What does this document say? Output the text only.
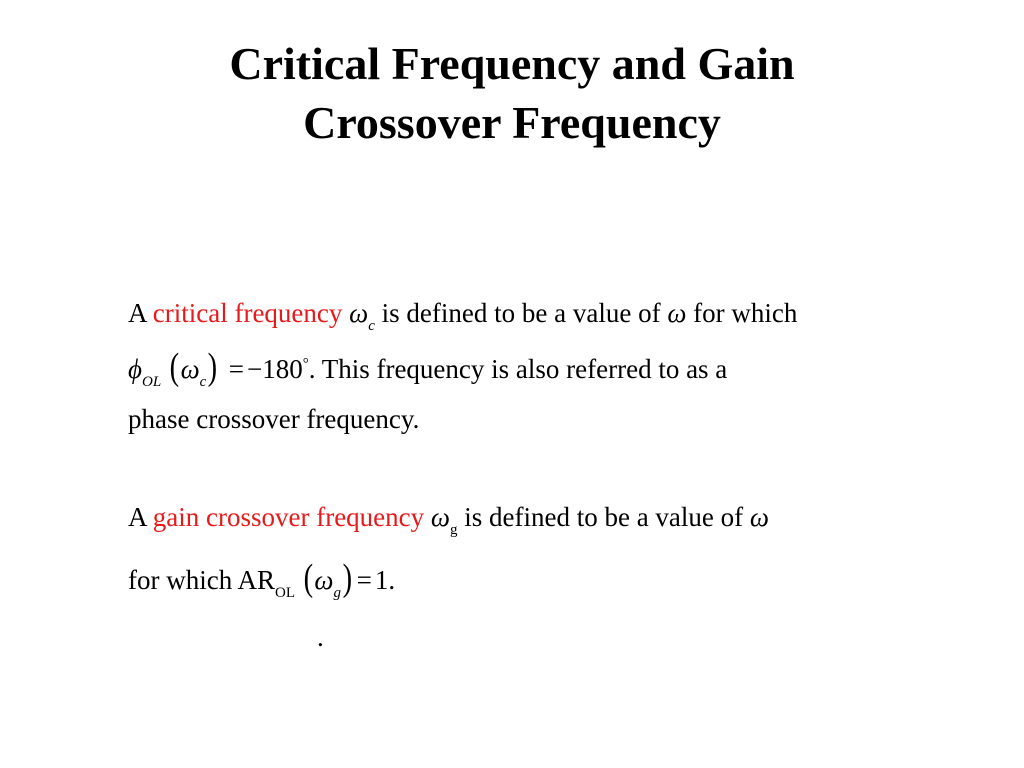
Critical Frequency and Gain
Crossover Frequency
A critical frequency $\omega_c$ is defined to be a value of ω for which
$\phi_{OL}$ $(\omega_c) = -180^\circ$. This frequency is also referred to as a
phase crossover frequency.
A gain crossover frequency $\omega_g$ is defined to be a value of ω
for which $AR_{OL}$ $(\omega_g) = 1$.
.
